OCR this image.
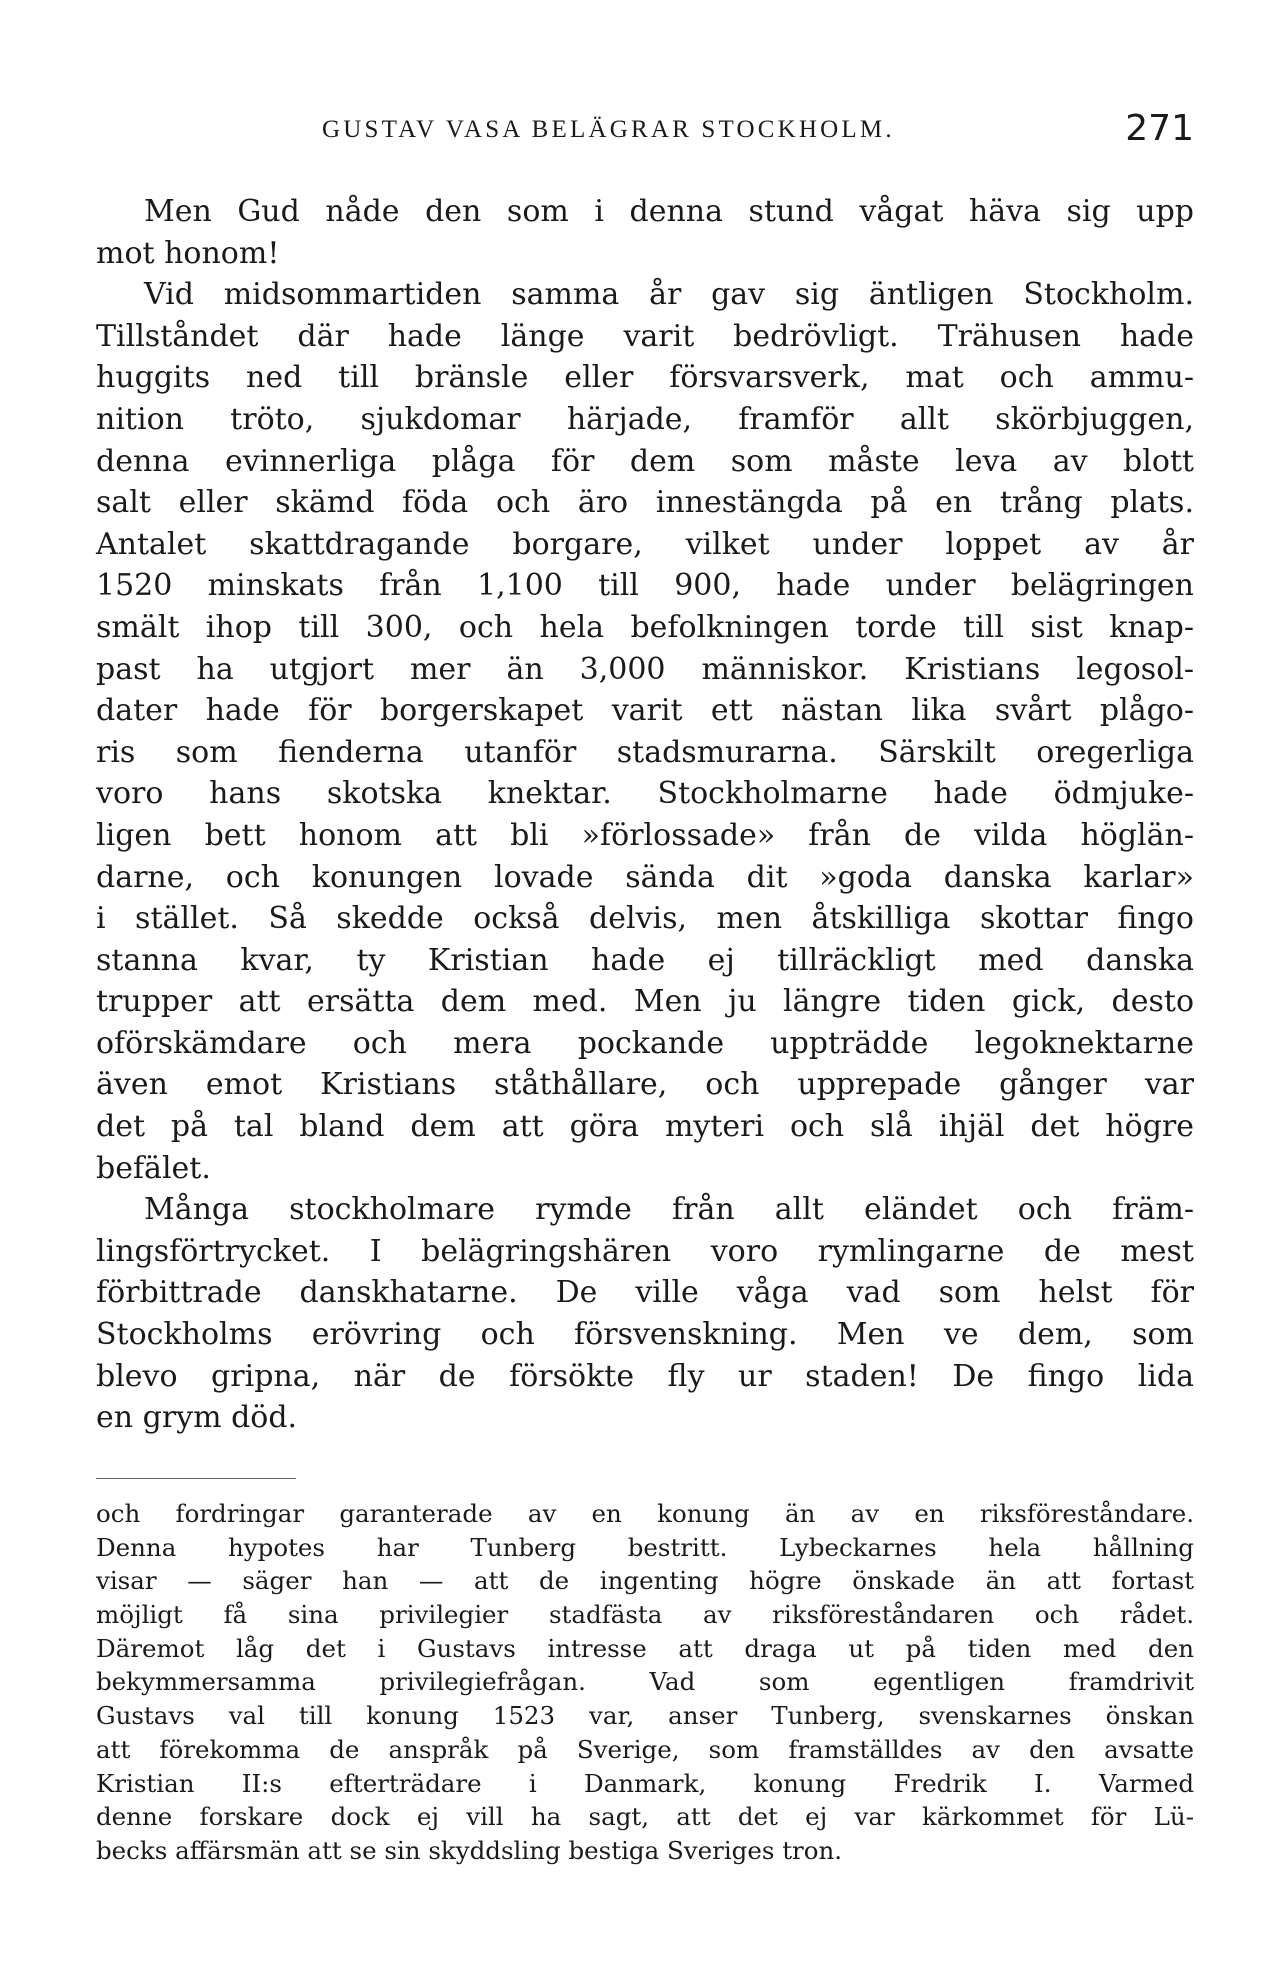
GUSTAV VASA BELÄGRAR STOCKHOLM.	271
Men Gud nåde den som i denna stund vågat häva sig upp
mot honom!
Vid midsommartiden samma år gav sig äntligen Stockholm.
Tillståndet där hade länge varit bedrövligt. Trähusen hade
huggits ned till bränsle eller försvarsverk, mat och ammu-
nition tröto, sjukdomar härjade, framför allt skörbjuggen,
denna evinnerliga plåga för dem som måste leva av blott
salt eller skämd föda och äro innestängda på en trång plats.
Antalet skattdragande borgare, vilket under loppet av år
1520 minskats från 1,100 till 900, hade under belägringen
smält ihop till 300, och hela befolkningen torde till sist knap-
past ha utgjort mer än 3,000 människor. Kristians legosol-
dater hade för borgerskapet varit ett nästan lika svårt plågo-
ris som fienderna utanför stadsmurarna. Särskilt oregerliga
voro hans skotska knektar. Stockholmarne hade ödmjuke-
ligen bett honom att bli »förlossade» från de vilda höglän-
darne, och konungen lovade sända dit »goda danska karlar»
i stället. Så skedde också delvis, men åtskilliga skottar fingo
stanna kvar, ty Kristian hade ej tillräckligt med danska
trupper att ersätta dem med. Men ju längre tiden gick, desto
oförskämdare och mera pockande uppträdde legoknektarne
även emot Kristians ståthållare, och upprepade gånger var
det på tal bland dem att göra myteri och slå ihjäl det högre
befälet.
Många stockholmare rymde från allt eländet och främ-
lingsförtrycket. I belägringshären voro rymlingarne de mest
förbittrade danskhatarne. De ville våga vad som helst för
Stockholms erövring och försvenskning. Men ve dem, som
blevo gripna, när de försökte fly ur staden! De fingo lida
en grym död.
och fordringar garanterade av en konung än av en riksföreståndare.
Denna hypotes har Tunberg bestritt. Lybeckarnes hela hållning
visar — säger han — att de ingenting högre önskade än att fortast
möjligt få sina privilegier stadfästa av riksföreståndaren och rådet.
Däremot låg det i Gustavs intresse att draga ut på tiden med den
bekymmersamma privilegiefrågan. Vad som egentligen framdrivit
Gustavs val till konung 1523 var, anser Tunberg, svenskarnes önskan
att förekomma de anspråk på Sverige, som framställdes av den avsatte
Kristian II:s efterträdare i Danmark, konung Fredrik I. Varmed
denne forskare dock ej vill ha sagt, att det ej var kärkommet för Lü-
becks affärsmän att se sin skyddsling bestiga Sveriges tron.
